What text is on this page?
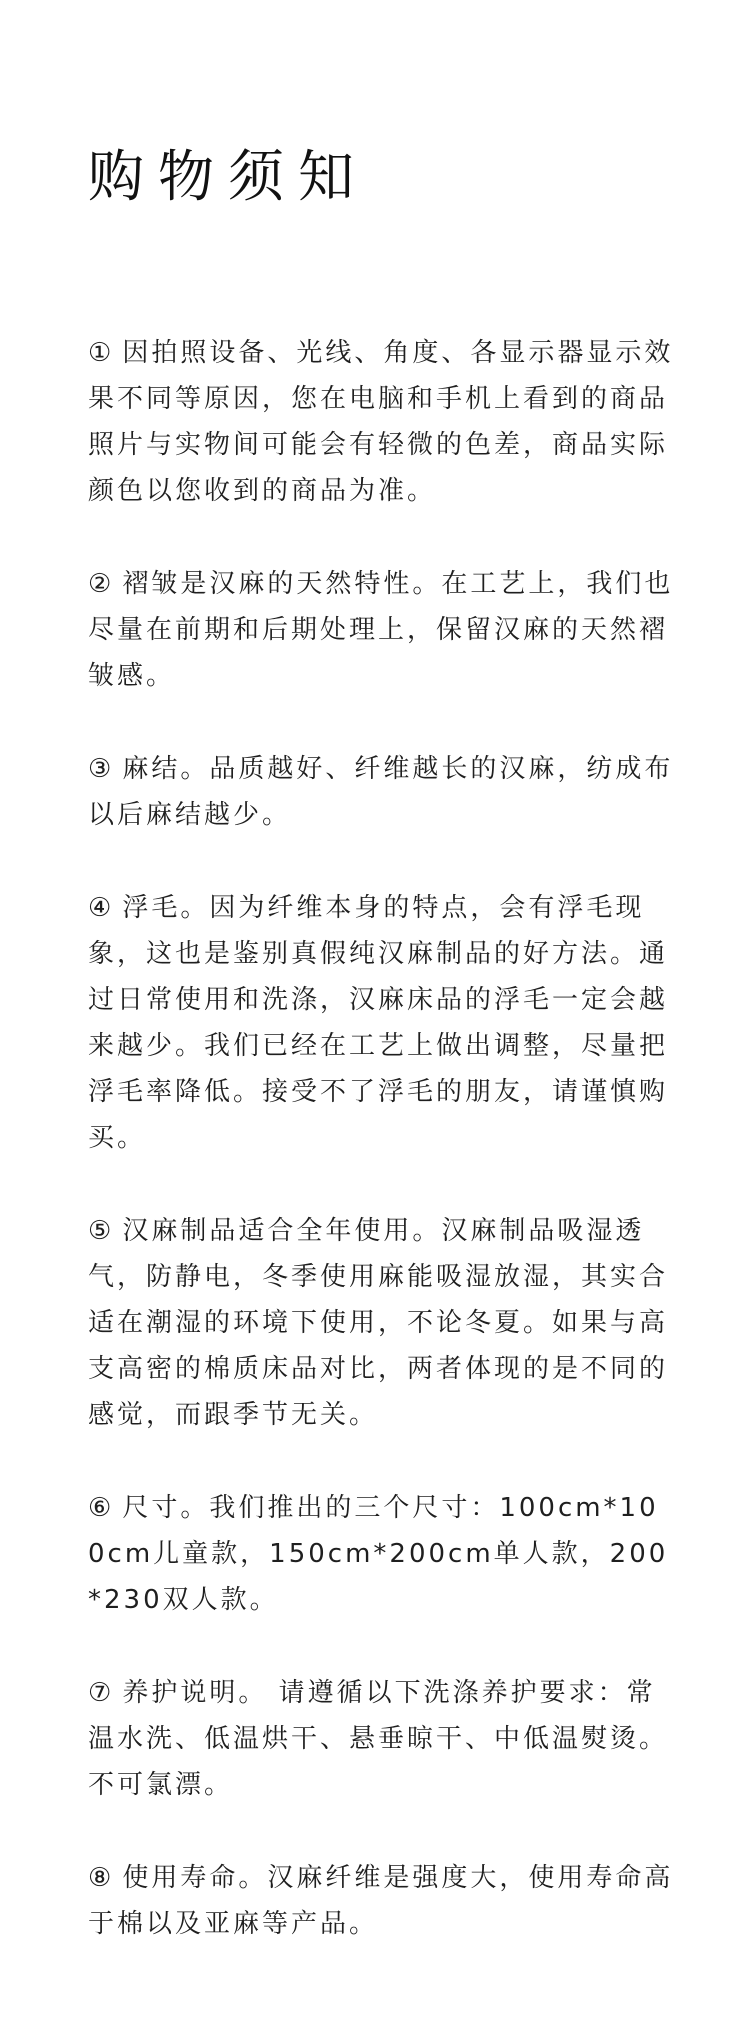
购物须知

① 因拍照设备、光线、角度、各显示器显示效果不同等原因，您在电脑和手机上看到的商品照片与实物间可能会有轻微的色差，商品实际颜色以您收到的商品为准。

② 褶皱是汉麻的天然特性。在工艺上，我们也尽量在前期和后期处理上，保留汉麻的天然褶皱感。

③ 麻结。品质越好、纤维越长的汉麻，纺成布以后麻结越少。

④ 浮毛。因为纤维本身的特点，会有浮毛现象，这也是鉴别真假纯汉麻制品的好方法。通过日常使用和洗涤，汉麻床品的浮毛一定会越来越少。我们已经在工艺上做出调整，尽量把浮毛率降低。接受不了浮毛的朋友，请谨慎购买。

⑤ 汉麻制品适合全年使用。汉麻制品吸湿透气，防静电，冬季使用麻能吸湿放湿，其实合适在潮湿的环境下使用，不论冬夏。如果与高支高密的棉质床品对比，两者体现的是不同的感觉，而跟季节无关。

⑥ 尺寸。我们推出的三个尺寸：100cm*100cm儿童款，150cm*200cm单人款，200*230双人款。

⑦ 养护说明。 请遵循以下洗涤养护要求：常温水洗、低温烘干、悬垂晾干、中低温熨烫。不可氯漂。

⑧ 使用寿命。汉麻纤维是强度大，使用寿命高于棉以及亚麻等产品。
